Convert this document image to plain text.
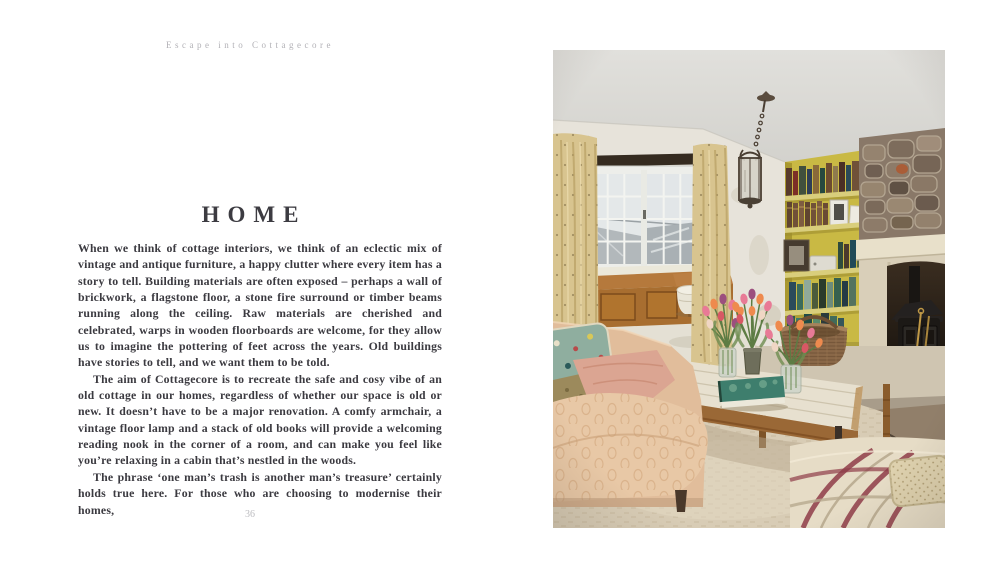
Escape into Cottagecore
HOME

When we think of cottage interiors, we think of an eclectic mix of vintage and antique furniture, a happy clutter where every item has a story to tell. Building materials are often exposed – perhaps a wall of brickwork, a flagstone floor, a stone fire surround or timber beams running along the ceiling. Raw materials are cherished and celebrated, warps in wooden floorboards are welcome, for they allow us to imagine the pottering of feet across the years. Old buildings have stories to tell, and we want them to be told.

The aim of Cottagecore is to recreate the safe and cosy vibe of an old cottage in our homes, regardless of whether our space is old or new. It doesn’t have to be a major renovation. A comfy armchair, a vintage floor lamp and a stack of old books will provide a welcoming reading nook in the corner of a room, and can make you feel like you’re relaxing in a cabin that’s nestled in the woods.

The phrase ‘one man’s trash is another man’s treasure’ certainly holds true here. For those who are choosing to modernise their homes,	36
